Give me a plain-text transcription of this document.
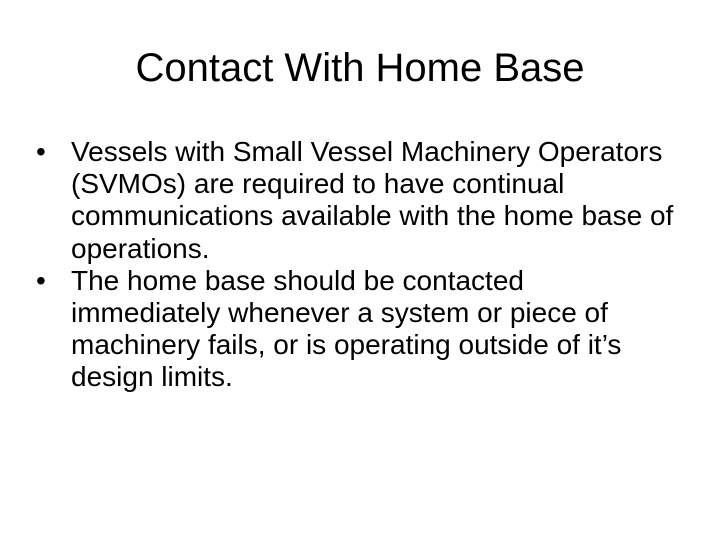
Contact With Home Base
• Vessels with Small Vessel Machinery Operators (SVMOs) are required to have continual communications available with the home base of operations.
• The home base should be contacted immediately whenever a system or piece of machinery fails, or is operating outside of it’s design limits.
